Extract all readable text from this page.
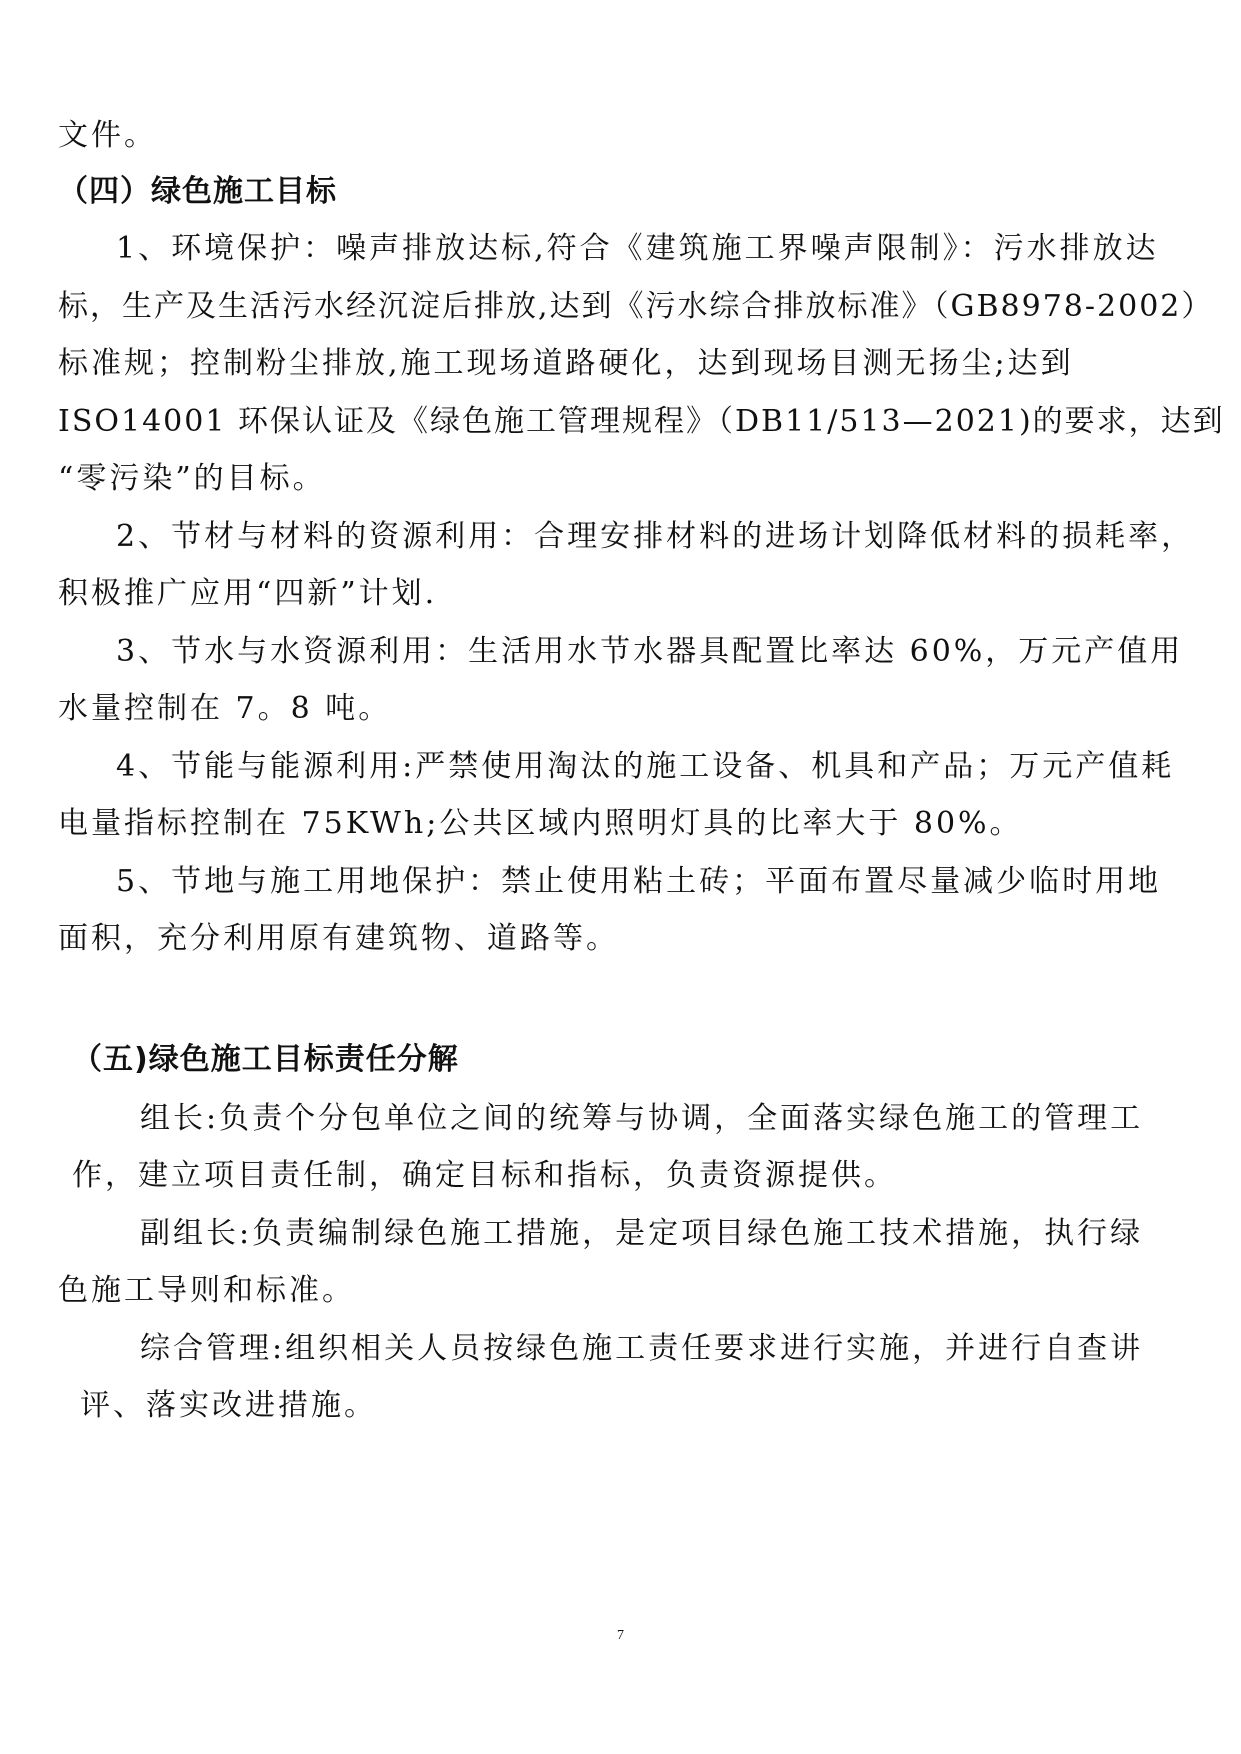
文件。
（四）绿色施工目标
1、环境保护：噪声排放达标,符合《建筑施工界噪声限制》：污水排放达
标，生产及生活污水经沉淀后排放,达到《污水综合排放标准》（GB8978-2002）
标准规；控制粉尘排放,施工现场道路硬化，达到现场目测无扬尘;达到
ISO14001 环保认证及《绿色施工管理规程》（DB11/513—2021)的要求，达到
“零污染”的目标。
2、节材与材料的资源利用：合理安排材料的进场计划降低材料的损耗率，
积极推广应用“四新”计划.
3、节水与水资源利用：生活用水节水器具配置比率达 60%，万元产值用
水量控制在 7。8 吨。
4、节能与能源利用:严禁使用淘汰的施工设备、机具和产品；万元产值耗
电量指标控制在 75KWh;公共区域内照明灯具的比率大于 80%。
5、节地与施工用地保护：禁止使用粘土砖；平面布置尽量减少临时用地
面积，充分利用原有建筑物、道路等。
（五)绿色施工目标责任分解
组长:负责个分包单位之间的统筹与协调，全面落实绿色施工的管理工
作，建立项目责任制，确定目标和指标，负责资源提供。
副组长:负责编制绿色施工措施，是定项目绿色施工技术措施，执行绿
色施工导则和标准。
综合管理:组织相关人员按绿色施工责任要求进行实施，并进行自查讲
评、落实改进措施。
7
